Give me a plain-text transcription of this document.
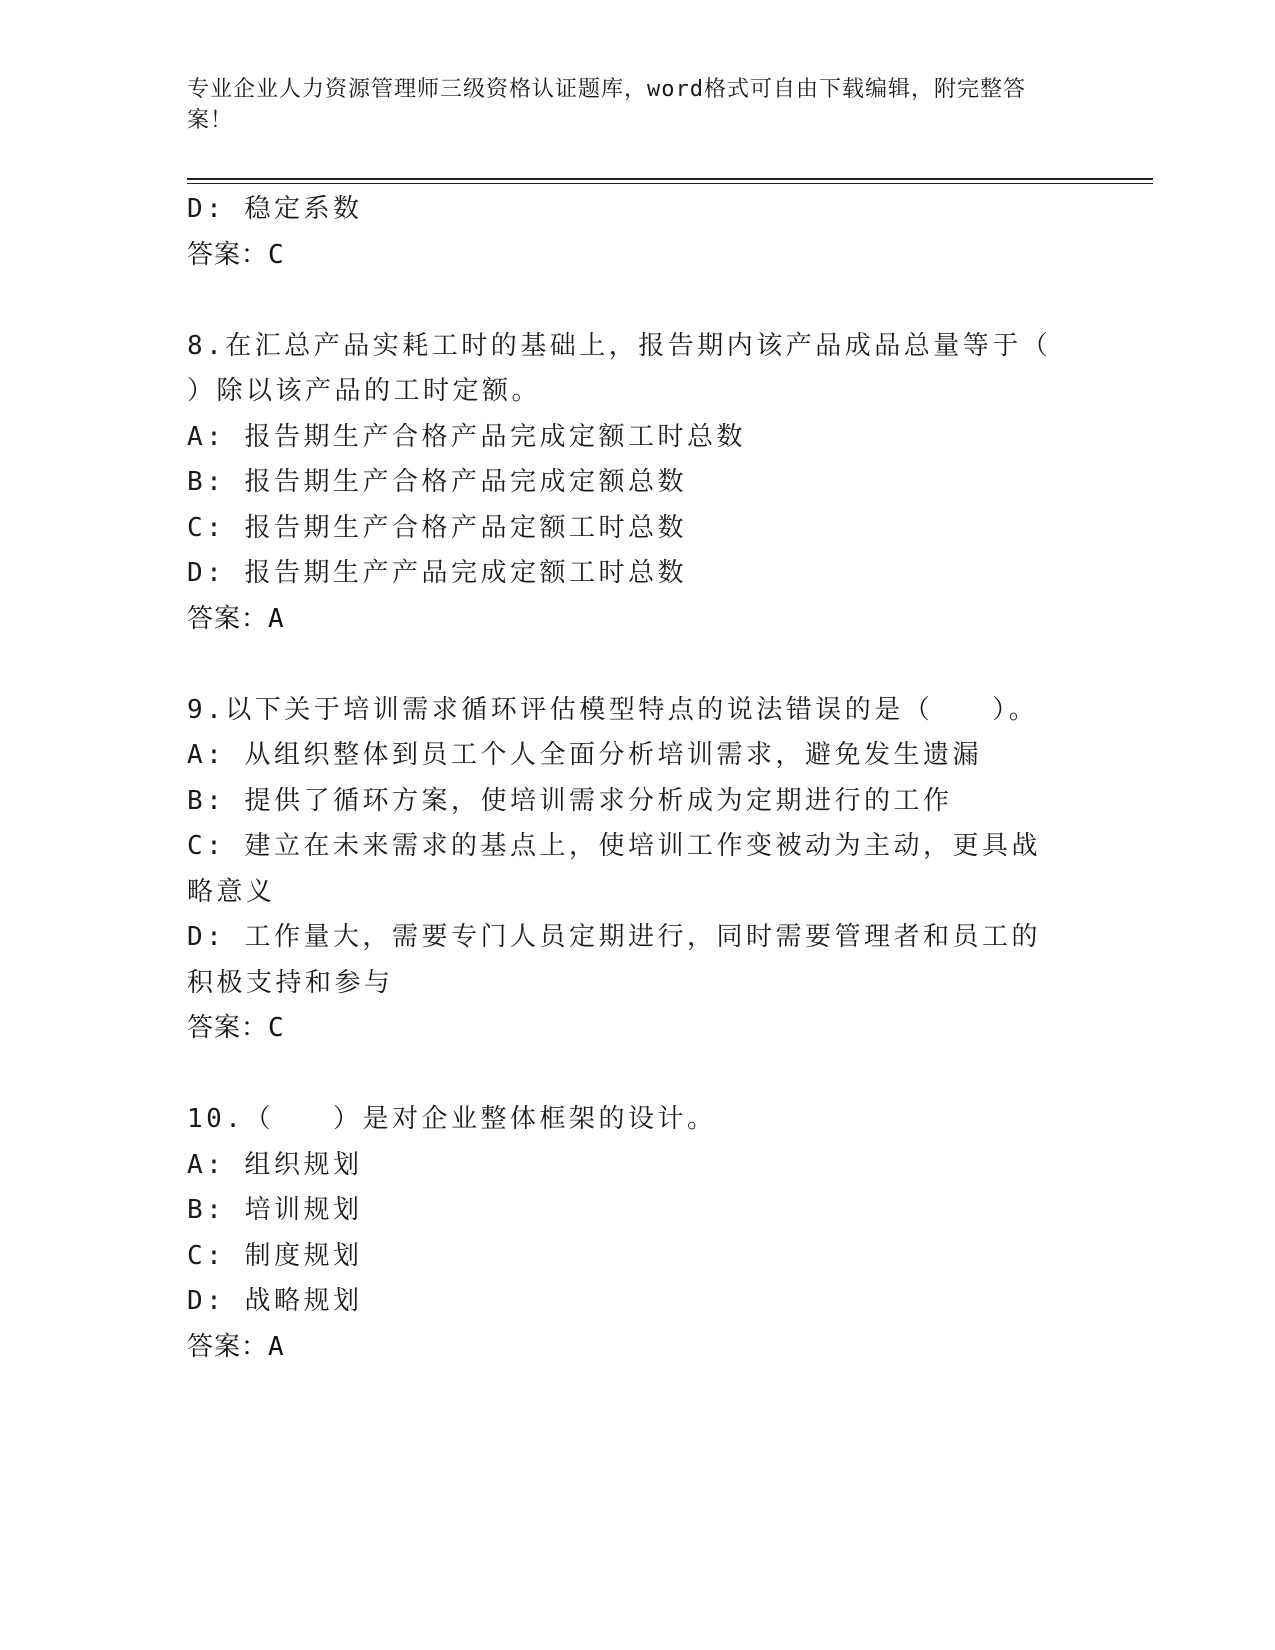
专业企业人力资源管理师三级资格认证题库，word格式可自由下载编辑，附完整答案！
D: 稳定系数
答案：C
8.在汇总产品实耗工时的基础上，报告期内该产品成品总量等于（ ）除以该产品的工时定额。
A: 报告期生产合格产品完成定额工时总数
B: 报告期生产合格产品完成定额总数
C: 报告期生产合格产品定额工时总数
D: 报告期生产产品完成定额工时总数
答案：A
9.以下关于培训需求循环评估模型特点的说法错误的是（　　）。
A: 从组织整体到员工个人全面分析培训需求，避免发生遗漏
B: 提供了循环方案，使培训需求分析成为定期进行的工作
C: 建立在未来需求的基点上，使培训工作变被动为主动，更具战略意义
D: 工作量大，需要专门人员定期进行，同时需要管理者和员工的积极支持和参与
答案：C
10.（　　）是对企业整体框架的设计。
A: 组织规划
B: 培训规划
C: 制度规划
D: 战略规划
答案：A
